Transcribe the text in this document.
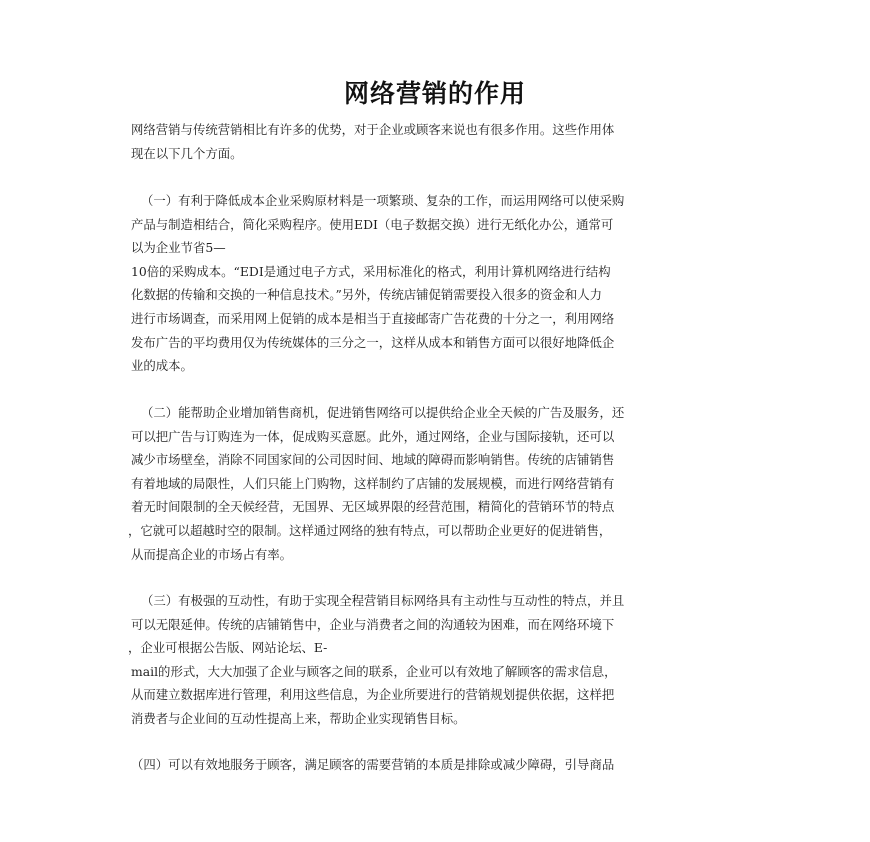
网络营销的作用
网络营销与传统营销相比有许多的优势，对于企业或顾客来说也有很多作用。这些作用体
现在以下几个方面。
（一）有利于降低成本企业采购原材料是一项繁琐、复杂的工作，而运用网络可以使采购
产品与制造相结合，简化采购程序。使用EDI（电子数据交换）进行无纸化办公，通常可
以为企业节省5—
10倍的采购成本。“EDI是通过电子方式，采用标准化的格式，利用计算机网络进行结构
化数据的传输和交换的一种信息技术。”另外，传统店铺促销需要投入很多的资金和人力
进行市场调查，而采用网上促销的成本是相当于直接邮寄广告花费的十分之一，利用网络
发布广告的平均费用仅为传统媒体的三分之一，这样从成本和销售方面可以很好地降低企
业的成本。
（二）能帮助企业增加销售商机，促进销售网络可以提供给企业全天候的广告及服务，还
可以把广告与订购连为一体，促成购买意愿。此外，通过网络，企业与国际接轨，还可以
减少市场壁垒，消除不同国家间的公司因时间、地域的障碍而影响销售。传统的店铺销售
有着地域的局限性，人们只能上门购物，这样制约了店铺的发展规模，而进行网络营销有
着无时间限制的全天候经营，无国界、无区域界限的经营范围，精简化的营销环节的特点
，它就可以超越时空的限制。这样通过网络的独有特点，可以帮助企业更好的促进销售，
从而提高企业的市场占有率。
（三）有极强的互动性，有助于实现全程营销目标网络具有主动性与互动性的特点，并且
可以无限延伸。传统的店铺销售中，企业与消费者之间的沟通较为困难，而在网络环境下
，企业可根据公告版、网站论坛、E-
mail的形式，大大加强了企业与顾客之间的联系，企业可以有效地了解顾客的需求信息，
从而建立数据库进行管理，利用这些信息，为企业所要进行的营销规划提供依据，这样把
消费者与企业间的互动性提高上来，帮助企业实现销售目标。
（四）可以有效地服务于顾客，满足顾客的需要营销的本质是排除或减少障碍，引导商品
